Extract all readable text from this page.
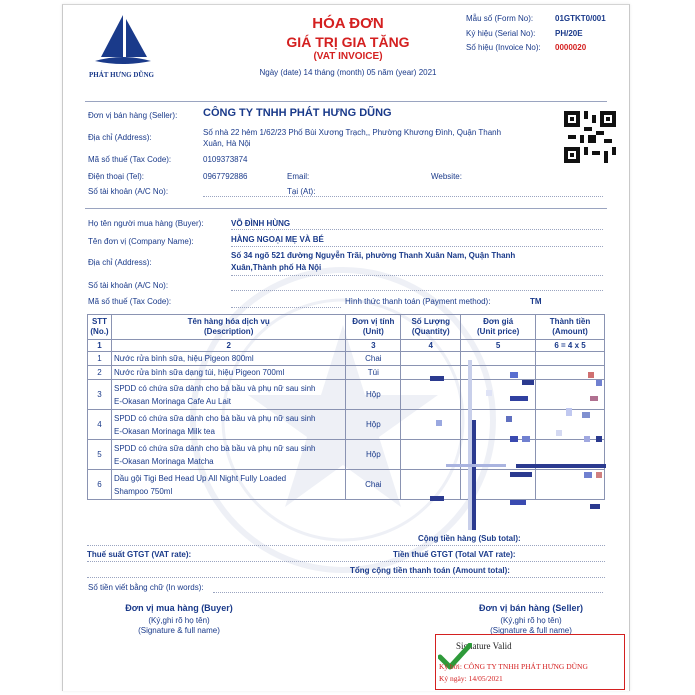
PHÁT HƯNG DŨNG
HÓA ĐƠN
GIÁ TRỊ GIA TĂNG
(VAT INVOICE)
Ngày (date) 14 tháng (month) 05 năm (year) 2021
Mẫu số (Form No):	01GTKT0/001
Ký hiệu (Serial No): PH/20E
Số hiệu (Invoice No): 0000020
Đơn vị bán hàng (Seller): CÔNG TY TNHH PHÁT HƯNG DŨNG
Địa chỉ (Address):
Số nhà 22 hẻm 1/62/23 Phố Bùi Xương Trạch,, Phường Khương Đình, Quận Thanh
Xuân, Hà Nội
Mã số thuế (Tax Code):	0109373874
Điện thoại (Tel):	0967792886	Email:	Website:
Số tài khoản (A/C No):	Tại (At):
Họ tên người mua hàng (Buyer):	VÕ ĐÌNH HÙNG
Tên đơn vị (Company Name):	HÀNG NGOẠI MẸ VÀ BÉ
Địa chỉ (Address):
Số 34 ngõ 521 đường Nguyễn Trãi, phường Thanh Xuân Nam, Quận Thanh
Xuân,Thành phố Hà Nội
Số tài khoản (A/C No):
Mã số thuế (Tax Code):	Hình thức thanh toán (Payment method):	TM
STT
(No.)	Tên hàng hóa dịch vụ
(Description)	Đơn vị tính
(Unit)	Số Lượng
(Quantity)	Đơn giá
(Unit price)	Thành tiền
(Amount)
1	2	3	4	5	6 = 4 x 5
1	Nước rửa bình sữa, hiệu Pigeon 800ml	Chai			
2	Nước rửa bình sữa dạng túi, hiệu Pigeon 700ml	Túi			
3	SPDD có chứa sữa dành cho bà bầu và phụ nữ sau sinh
E-Okasan Morinaga Cafe Au Lait	Hộp			
4	SPDD có chứa sữa dành cho bà bầu và phụ nữ sau sinh
E-Okasan Morinaga Milk tea	Hộp			
5	SPDD có chứa sữa dành cho bà bầu và phụ nữ sau sinh
E-Okasan Morinaga Matcha	Hộp			
6	Dầu gội Tigi Bed Head Up All Night Fully Loaded
Shampoo 750ml	Chai			
Cộng tiền hàng (Sub total):
Thuế suất GTGT (VAT rate):	Tiền thuế GTGT (Total VAT rate):
Tổng cộng tiền thanh toán (Amount total):
Số tiền viết bằng chữ (In words):
Đơn vị mua hàng (Buyer)
(Ký,ghi rõ họ tên)
(Signature & full name)
Đơn vị bán hàng (Seller)
(Ký,ghi rõ họ tên)
(Signature & full name)
Signature Valid
Ký bởi: CÔNG TY TNHH PHÁT HƯNG DŨNG
Ký ngày: 14/05/2021
